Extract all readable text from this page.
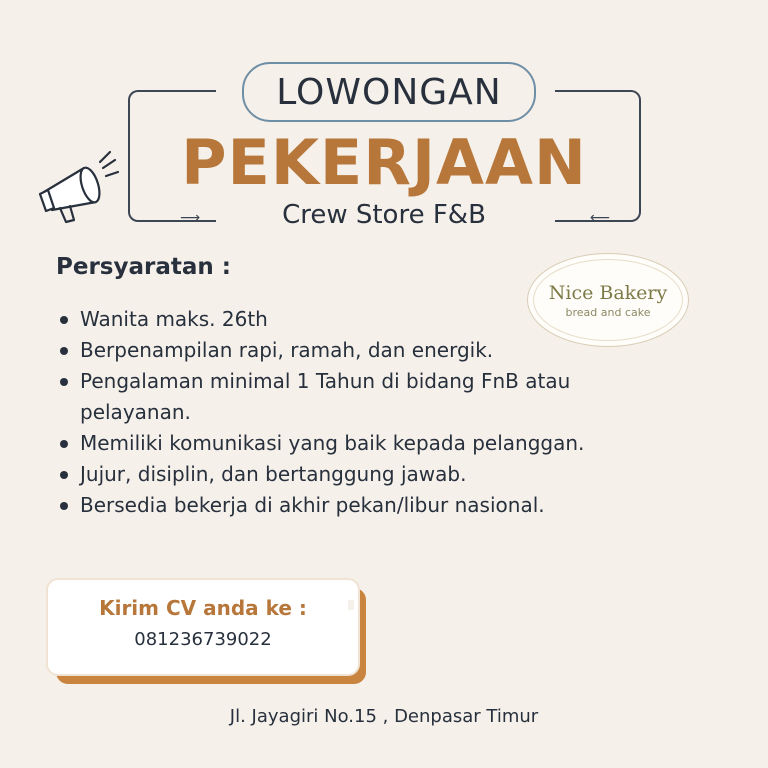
⟶	⟵
LOWONGAN
PEKERJAAN
Crew Store F&B
Persyaratan :
Wanita maks. 26th
Berpenampilan rapi, ramah, dan energik.
Pengalaman minimal 1 Tahun di bidang FnB atau pelayanan.
Memiliki komunikasi yang baik kepada pelanggan.
Jujur, disiplin, dan bertanggung jawab.
Bersedia bekerja di akhir pekan/libur nasional.
Nice Bakery
bread and cake
Kirim CV anda ke :
081236739022
Jl. Jayagiri No.15 , Denpasar Timur
